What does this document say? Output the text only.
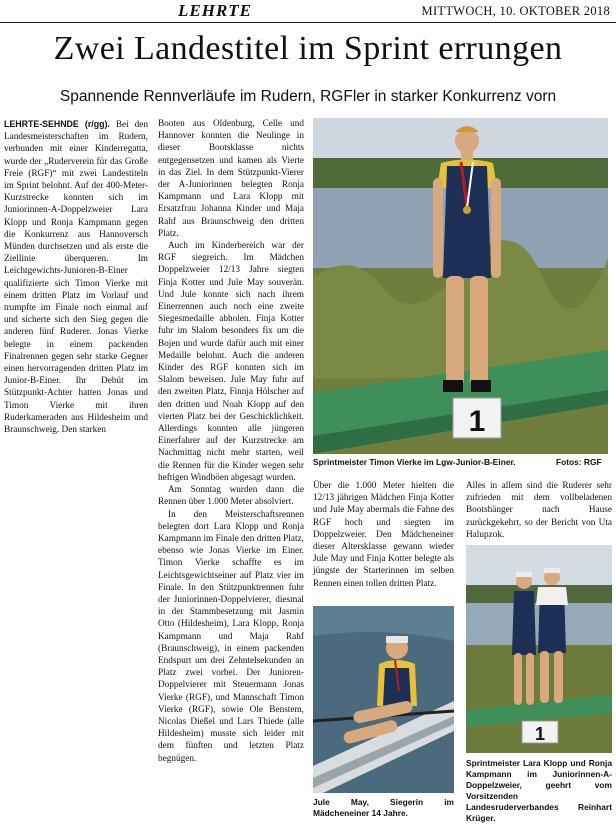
LEHRTE	MITTWOCH, 10. OKTOBER 2018
Zwei Landestitel im Sprint errungen
Spannende Rennverläufe im Rudern, RGFler in starker Konkurrenz vorn

LEHRTE-SEHNDE (r/gg). Bei den Landesmeisterschaften im Rudern, verbunden mit einer Kinderregatta, wurde der „Ruderverein für das Große Freie (RGF)“ mit zwei Landestiteln im Sprint belohnt. Auf der 400-Meter-Kurzstrecke konnten sich im Juniorinnen-A-Doppelzweier Lara Klopp und Ronja Kampmann gegen die Konkurrenz aus Hannoversch Münden durchsetzen und als erste die Ziellinie überqueren. Im Leichtgewichts-Junioren-B-Einer qualifizierte sich Timon Vierke mit einem dritten Platz im Vorlauf und trumpfte im Finale noch einmal auf und sicherte sich den Sieg gegen die anderen fünf Ruderer. Jonas Vierke belegte in einem packenden Finalrennen gegen sehr starke Gegner einen hervorragenden dritten Platz im Junior-B-Einer. Ihr Debüt im Stützpunkt-Achter hatten Jonas und Timon Vierke mit ihren Ruderkameraden aus Hildesheim und Braunschweig. Den starken

Booten aus Oldenburg, Celle und Hannover konnten die Neulinge in dieser Bootsklasse nichts entgegensetzen und kamen als Vierte in das Ziel. In dem Stützpunkt-Vierer der A-Juniorinnen belegten Ronja Kampmann und Lara Klopp mit Ersatzfrau Johanna Kinder und Maja Rahf aus Braunschweig den dritten Platz.

Auch im Kinderbereich war der RGF siegreich. Im Mädchen Doppelzweier 12/13 Jahre siegten Finja Kotter und Jule May souverän. Und Jule konnte sich nach ihrem Einerrennen auch noch eine zweite Siegesmedaille abholen. Finja Kotter fuhr im Slalom besonders fix um die Bojen und wurde dafür auch mit einer Medaille belohnt. Auch die anderen Kinder des RGF konnten sich im Slalom beweisen. Jule May fuhr auf den zweiten Platz, Finnja Hölscher auf den dritten und Noah Klopp auf den vierten Platz bei der Geschicklichkeit. Allerdings konnten alle jüngeren Einerfahrer auf der Kurzstrecke am Nachmittag nicht mehr starten, weil die Rennen für die Kinder wegen sehr heftigen Windböen abgesagt wurden.

Am Sonntag wurden dann die Rennen über 1.000 Meter absolviert.

In den Meisterschaftsrennen belegten dort Lara Klopp und Ronja Kampmann im Finale den dritten Platz, ebenso wie Jonas Vierke im Einer. Timon Vierke schaffte es im Leichtsgewichtseiner auf Platz vier im Finale. In den Stützpunktrennen fuhr der Juniorinnen-Doppelvierer, diesmal in der Stammbesetzung mit Jasmin Otto (Hildesheim), Lara Klopp, Ronja Kampmann und Maja Rahf (Braunschweig), in einem packenden Endspurt um drei Zehntelsekunden an Platz zwei vorbei. Der Junioren-Doppelvierer mit Steuermann Jonas Vierke (RGF), und Mannschaft Timon Vierke (RGF), sowie Ole Benstem, Nicolas Dießel und Lars Thiede (alle Hildesheim) musste sich leider mit dem fünften und letzten Platz begnügen.

1
Sprintmeister Timon Vierke im Lgw-Junior-B-Einer.	Fotos: RGF

Über die 1.000 Meter hielten die 12/13 jährigen Mädchen Finja Kotter und Jule May abermals die Fahne des RGF hoch und siegten im Doppelzweier. Den Mädcheneiner dieser Altersklasse gewann wieder Jule May und Finja Kotter belegte als jüngste der Starterinnen im selben Rennen einen tollen dritten Platz.

Alles in allem sind die Ruderer sehr zufrieden mit dem vollbeladenen Bootshänger nach Hause zurückgekehrt, so der Bericht von Uta Halupzok.

Jule May, Siegerin im Mädcheneiner 14 Jahre.
1
Sprintmeister Lara Klopp und Ronja Kampmann im Juniorinnen-A-Doppelzweier, geehrt vom Vorsitzenden Landesruderverbandes Reinhart Krüger.
